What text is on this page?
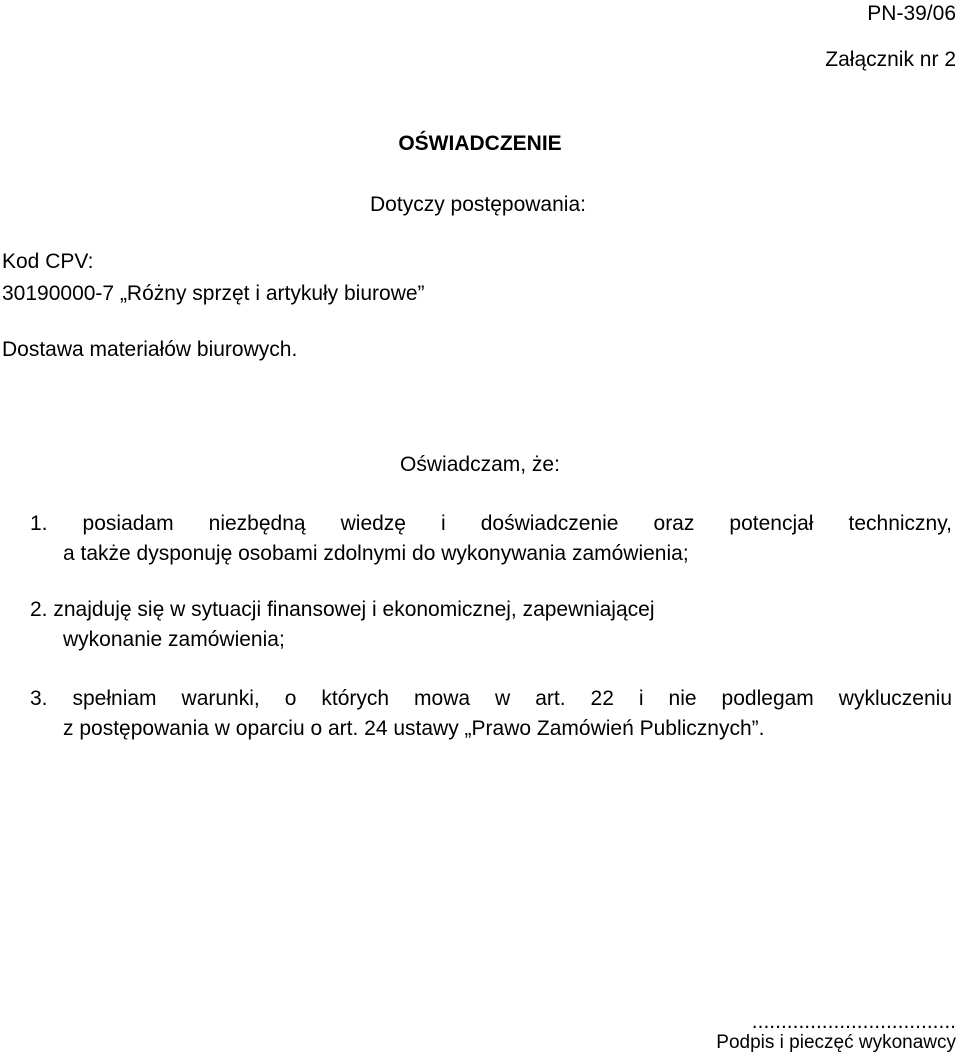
PN-39/06
Załącznik nr 2
OŚWIADCZENIE
Dotyczy postępowania:
Kod CPV:
30190000-7 „Różny sprzęt i artykuły biurowe”
Dostawa materiałów biurowych.
Oświadczam, że:
1. posiadam niezbędną wiedzę i doświadczenie oraz potencjał techniczny,
a także dysponuję osobami zdolnymi do wykonywania zamówienia;
2. znajduję się w sytuacji finansowej i ekonomicznej, zapewniającej
wykonanie zamówienia;
3. spełniam warunki, o których mowa w art. 22 i nie podlegam wykluczeniu
z postępowania w oparciu o art. 24 ustawy „Prawo Zamówień Publicznych”.
...................................
Podpis i pieczęć wykonawcy
